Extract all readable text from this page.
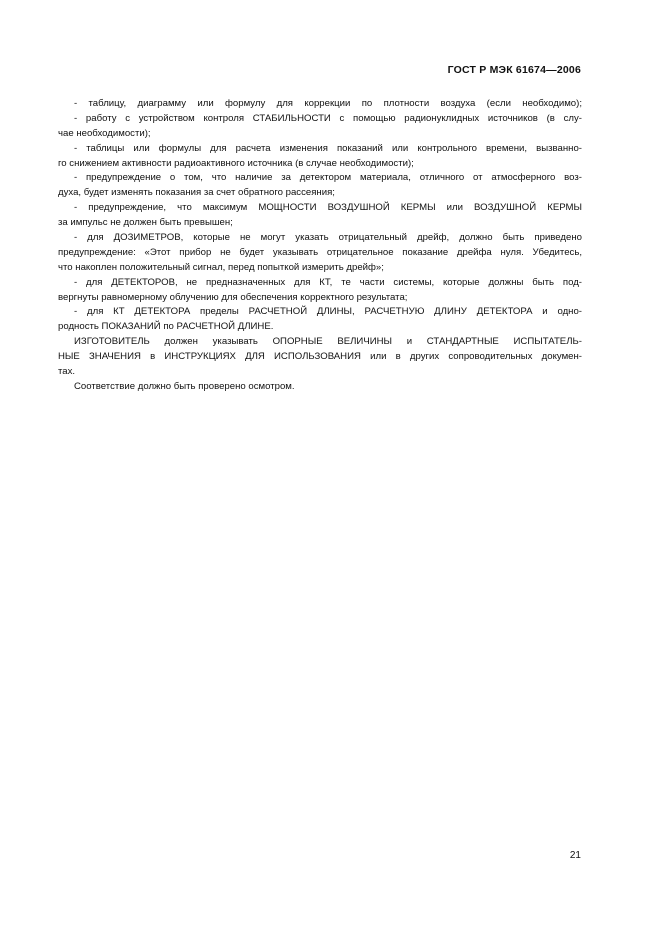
ГОСТ Р МЭК 61674—2006
- таблицу, диаграмму или формулу для коррекции по плотности воздуха (если необходимо);
- работу с устройством контроля СТАБИЛЬНОСТИ с помощью радионуклидных источников (в слу-
чае необходимости);
- таблицы или формулы для расчета изменения показаний или контрольного времени, вызванно-
го снижением активности радиоактивного источника (в случае необходимости);
- предупреждение о том, что наличие за детектором материала, отличного от атмосферного воз-
духа, будет изменять показания за счет обратного рассеяния;
- предупреждение, что максимум МОЩНОСТИ ВОЗДУШНОЙ КЕРМЫ или ВОЗДУШНОЙ КЕРМЫ
за импульс не должен быть превышен;
- для ДОЗИМЕТРОВ, которые не могут указать отрицательный дрейф, должно быть приведено
предупреждение: «Этот прибор не будет указывать отрицательное показание дрейфа нуля. Убедитесь,
что накоплен положительный сигнал, перед попыткой измерить дрейф»;
- для ДЕТЕКТОРОВ, не предназначенных для КТ, те части системы, которые должны быть под-
вергнуты равномерному облучению для обеспечения корректного результата;
- для КТ ДЕТЕКТОРА пределы РАСЧЕТНОЙ ДЛИНЫ, РАСЧЕТНУЮ ДЛИНУ ДЕТЕКТОРА и одно-
родность ПОКАЗАНИЙ по РАСЧЕТНОЙ ДЛИНЕ.
ИЗГОТОВИТЕЛЬ должен указывать ОПОРНЫЕ ВЕЛИЧИНЫ и СТАНДАРТНЫЕ ИСПЫТАТЕЛЬ-
НЫЕ ЗНАЧЕНИЯ в ИНСТРУКЦИЯХ ДЛЯ ИСПОЛЬЗОВАНИЯ или в других сопроводительных докумен-
тах.
Соответствие должно быть проверено осмотром.
21
